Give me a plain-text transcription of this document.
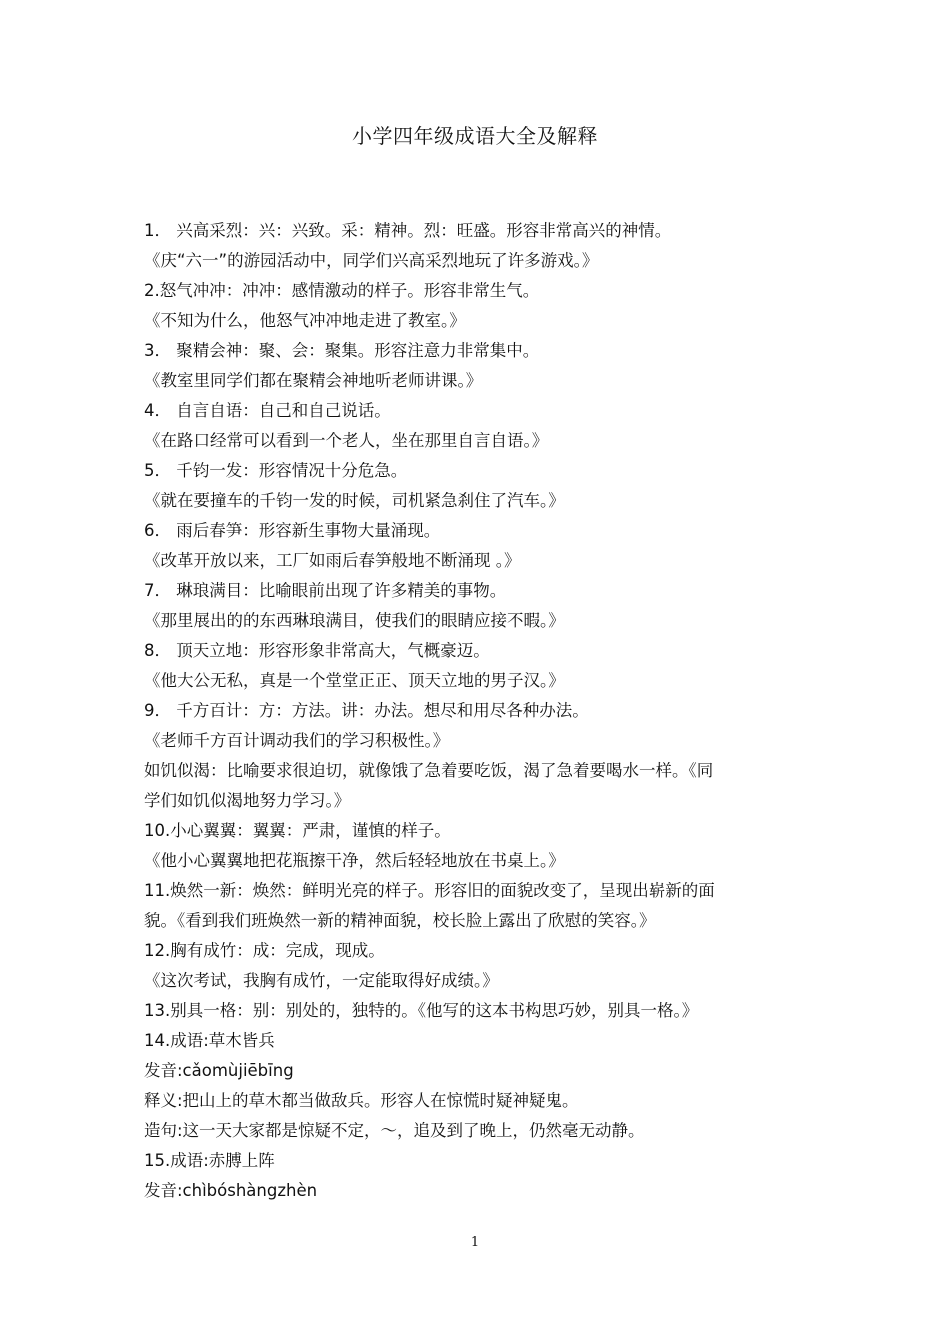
小学四年级成语大全及解释
1． 兴高采烈：兴：兴致。采：精神。烈：旺盛。形容非常高兴的神情。
《庆“六一”的游园活动中，同学们兴高采烈地玩了许多游戏。》
2.怒气冲冲：冲冲：感情激动的样子。形容非常生气。
《不知为什么，他怒气冲冲地走进了教室。》
3． 聚精会神：聚、会：聚集。形容注意力非常集中。
《教室里同学们都在聚精会神地听老师讲课。》
4． 自言自语：自己和自己说话。
《在路口经常可以看到一个老人，坐在那里自言自语。》
5． 千钧一发：形容情况十分危急。
《就在要撞车的千钧一发的时候，司机紧急刹住了汽车。》
6． 雨后春笋：形容新生事物大量涌现。
《改革开放以来，工厂如雨后春笋般地不断涌现 。》
7． 琳琅满目：比喻眼前出现了许多精美的事物。
《那里展出的的东西琳琅满目，使我们的眼睛应接不暇。》
8． 顶天立地：形容形象非常高大，气概豪迈。
《他大公无私，真是一个堂堂正正、顶天立地的男子汉。》
9． 千方百计：方：方法。讲：办法。想尽和用尽各种办法。
《老师千方百计调动我们的学习积极性。》
如饥似渴：比喻要求很迫切，就像饿了急着要吃饭，渴了急着要喝水一样。《同
学们如饥似渴地努力学习。》
10.小心翼翼：翼翼：严肃，谨慎的样子。
《他小心翼翼地把花瓶擦干净，然后轻轻地放在书桌上。》
11.焕然一新：焕然：鲜明光亮的样子。形容旧的面貌改变了，呈现出崭新的面
貌。《看到我们班焕然一新的精神面貌，校长脸上露出了欣慰的笑容。》
12.胸有成竹：成：完成，现成。
《这次考试，我胸有成竹，一定能取得好成绩。》
13.别具一格：别：别处的，独特的。《他写的这本书构思巧妙，别具一格。》
14.成语:草木皆兵
发音:cǎomùjiēbīng
释义:把山上的草木都当做敌兵。形容人在惊慌时疑神疑鬼。
造句:这一天大家都是惊疑不定，～，追及到了晚上，仍然毫无动静。
15.成语:赤膊上阵
发音:chìbóshàngzhèn
1
